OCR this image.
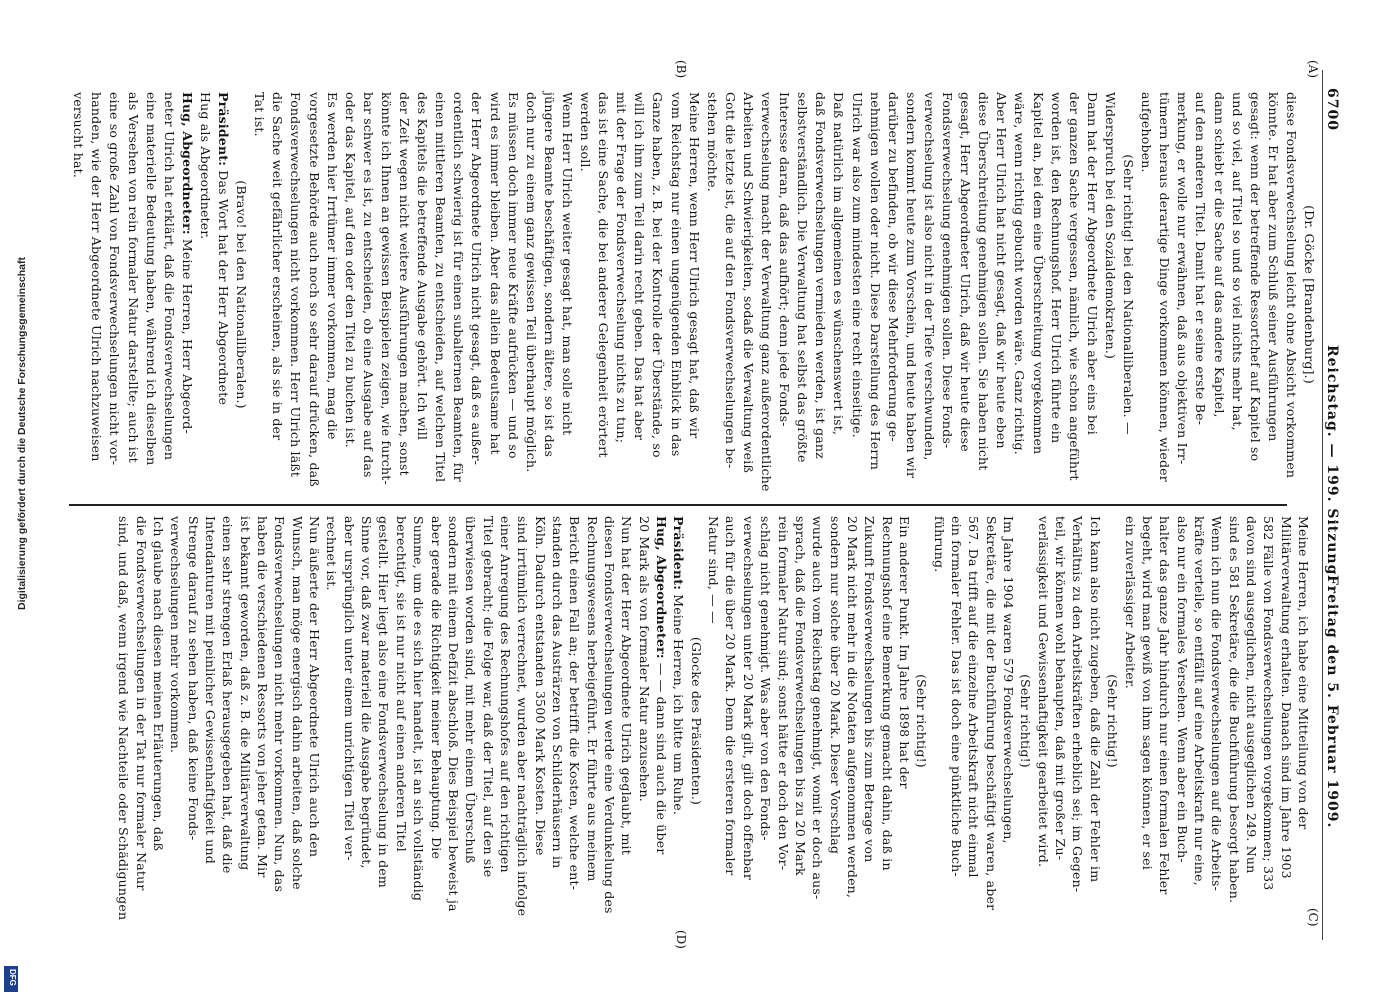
6700
Reichstag. — 199. Sitzung.
Freitag den 5. Februar 1909.
(A)
(B)
(C)
(D)
(Dr. Göcke [Brandenburg].)
diese Fondsverwechselung leicht ohne Absicht vorkommen
könnte. Er hat aber zum Schluß seiner Ausführungen
gesagt: wenn der betreffende Ressortchef auf Kapitel so
und so viel, auf Titel so und so viel nichts mehr hat,
dann schiebt er die Sache auf das andere Kapitel,
auf den anderen Titel. Damit hat er seine erste Be-
merkung, er wolle nur erwähnen, daß aus objektiven Irr-
tümern heraus derartige Dinge vorkommen können, wieder
aufgehoben.
(Sehr richtig! bei den Nationalliberalen. —
Widerspruch bei den Sozialdemokraten.)
Dann hat der Herr Abgeordnete Ulrich aber eins bei
der ganzen Sache vergessen, nämlich, wie schon angeführt
worden ist, den Rechnungshof. Herr Ulrich führte ein
Kapitel an, bei dem eine Überschreitung vorgekommen
wäre, wenn richtig gebucht worden wäre. Ganz richtig.
Aber Herr Ulrich hat nicht gesagt, daß wir heute eben
diese Überschreitung genehmigen sollen. Sie haben nicht
gesagt, Herr Abgeordneter Ulrich, daß wir heute diese
Fondsverwechselung genehmigen sollen. Diese Fonds-
verwechselung ist also nicht in der Tiefe verschwunden,
sondern kommt heute zum Vorschein, und heute haben wir
darüber zu befinden, ob wir diese Mehrforderung ge-
nehmigen wollen oder nicht. Diese Darstellung des Herrn
Ulrich war also zum mindesten eine recht einseitige.
Daß natürlich im allgemeinen es wünschenswert ist,
daß Fondsverwechselungen vermieden werden, ist ganz
selbstverständlich. Die Verwaltung hat selbst das größte
Interesse daran, daß das aufhört; denn jede Fonds-
verwechselung macht der Verwaltung ganz außerordentliche
Arbeiten und Schwierigkeiten, sodaß die Verwaltung weiß
Gott die letzte ist, die auf den Fondsverwechselungen be-
stehen möchte.
Meine Herren, wenn Herr Ulrich gesagt hat, daß wir
vom Reichstag nur einen ungenügenden Einblick in das
Ganze haben, z. B. bei der Kontrolle der Überstände, so
will ich ihm zum Teil darin recht geben. Das hat aber
mit der Frage der Fondsverwechselung nichts zu tun;
das ist eine Sache, die bei anderer Gelegenheit erörtert
werden soll.
Wenn Herr Ulrich weiter gesagt hat, man solle nicht
jüngere Beamte beschäftigen, sondern ältere, so ist das
doch nur zu einem ganz gewissen Teil überhaupt möglich.
Es müssen doch immer neue Kräfte aufrücken — und so
wird es immer bleiben. Aber das allein Bedeutsame hat
der Herr Abgeordnete Ulrich nicht gesagt, daß es außer-
ordentlich schwierig ist für einen subalternen Beamten, für
einen mittleren Beamten, zu entscheiden, auf welchen Titel
des Kapitels die betreffende Ausgabe gehört. Ich will
der Zeit wegen nicht weitere Ausführungen machen, sonst
könnte ich Ihnen an gewissen Beispielen zeigen, wie furcht-
bar schwer es ist, zu entscheiden, ob eine Ausgabe auf das
oder das Kapitel, auf den oder den Titel zu buchen ist.
Es werden hier Irrtümer immer vorkommen, mag die
vorgesetzte Behörde auch noch so sehr darauf drücken, daß
Fondsverwechselungen nicht vorkommen. Herr Ulrich läßt
die Sache weit gefährlicher erscheinen, als sie in der
Tat ist.
(Bravo! bei den Nationalliberalen.)
Präsident: Das Wort hat der Herr Abgeordnete
Hug als Abgeordneter.
Hug, Abgeordneter: Meine Herren, Herr Abgeord-
neter Ulrich hat erklärt, daß die Fondsverwechselungen
eine materielle Bedeutung haben, während ich dieselben
als Versehen von rein formaler Natur darstellte; auch ist
eine so große Zahl von Fondsverwechselungen nicht vor-
handen, wie der Herr Abgeordnete Ulrich nachzuweisen
versucht hat.
Meine Herren, ich habe eine Mitteilung von der
Militärverwaltung erhalten. Danach sind im Jahre 1903
582 Fälle von Fondsverwechselungen vorgekommen; 333
davon sind ausgeglichen, nicht ausgeglichen 249. Nun
sind es 581 Sekretäre, die die Buchführung besorgt haben.
Wenn ich nun die Fondsverwechselungen auf die Arbeits-
kräfte verteile, so entfällt auf eine Arbeitskraft nur eine,
also nur ein formales Versehen. Wenn aber ein Buch-
halter das ganze Jahr hindurch nur einen formalen Fehler
begeht, wird man gewiß von ihm sagen können, er sei
ein zuverlässiger Arbeiter.
(Sehr richtig!)
Ich kann also nicht zugeben, daß die Zahl der Fehler im
Verhältnis zu den Arbeitskräften erheblich sei; im Gegen-
teil, wir können wohl behaupten, daß mit großer Zu-
verlässigkeit und Gewissenhaftigkeit gearbeitet wird.
(Sehr richtig!)
Im Jahre 1904 waren 579 Fondsverwechselungen,
Sekretäre, die mit der Buchführung beschäftigt waren, aber
567. Da trifft auf die einzelne Arbeitskraft nicht einmal
ein formaler Fehler. Das ist doch eine pünktliche Buch-
führung.
(Sehr richtig!)
Ein anderer Punkt. Im Jahre 1898 hat der
Rechnungshof eine Bemerkung gemacht dahin, daß in
Zukunft Fondsverwechselungen bis zum Betrage von
20 Mark nicht mehr in die Notaten aufgenommen werden,
sondern nur solche über 20 Mark. Dieser Vorschlag
wurde auch vom Reichstag genehmigt, womit er doch aus-
sprach, daß die Fondsverwechselungen bis zu 20 Mark
rein formaler Natur sind; sonst hätte er doch den Vor-
schlag nicht genehmigt. Was aber von den Fonds-
verwechselungen unter 20 Mark gilt, gilt doch offenbar
auch für die über 20 Mark. Denn die ersteren formaler
Natur sind, — —
(Glocke des Präsidenten.)
Präsident: Meine Herren, ich bitte um Ruhe.
Hug, Abgeordneter: — — dann sind auch die über
20 Mark als von formaler Natur anzusehen.
Nun hat der Herr Abgeordnete Ulrich geglaubt, mit
diesen Fondsverwechselungen werde eine Verdunkelung des
Rechnungswesens herbeigeführt. Er führte aus meinem
Bericht einen Fall an; der betrifft die Kosten, welche ent-
standen durch das Austrärzen von Schilderhäusern in
Köln. Dadurch entstanden 3500 Mark Kosten. Diese
sind irrtümlich verrechnet, wurden aber nachträglich infolge
einer Anregung des Rechnungshofes auf den richtigen
Titel gebracht; die Folge war, daß der Titel, auf den sie
überwiesen worden sind, mit mehr einem Überschuß
sondern mit einem Defizit abschloß. Dies Beispiel beweist ja
aber gerade die Richtigkeit meiner Behauptung. Die
Summe, um die es sich hier handelt, ist an sich vollständig
berechtigt, sie ist nur nicht auf einen anderen Titel
gestellt. Hier liegt also eine Fondsverwechselung in dem
Sinne vor, daß zwar materiell die Ausgabe begründet,
aber ursprünglich unter einem unrichtigen Titel ver-
rechnet ist.
Nun äußerte der Herr Abgeordnete Ulrich auch den
Wunsch, man möge energisch dahin arbeiten, daß solche
Fondsverwechselungen nicht mehr vorkommen. Nun, das
haben die verschiedenen Ressorts von jeher getan. Mir
ist bekannt geworden, daß z. B. die Militärverwaltung
einen sehr strengen Erlaß herausgegeben hat, daß die
Intendanturen mit peinlicher Gewissenhaftigkeit und
Strenge darauf zu sehen haben, daß keine Fonds-
verwechselungen mehr vorkommen.
Ich glaube nach diesen meinen Erläuterungen, daß
die Fondsverwechselungen in der Tat nur formaler Natur
sind, und daß, wenn irgend wie Nachteile oder Schädigungen
Digitalisierung gefördert durch die Deutsche Forschungsgemeinschaft
DFG
